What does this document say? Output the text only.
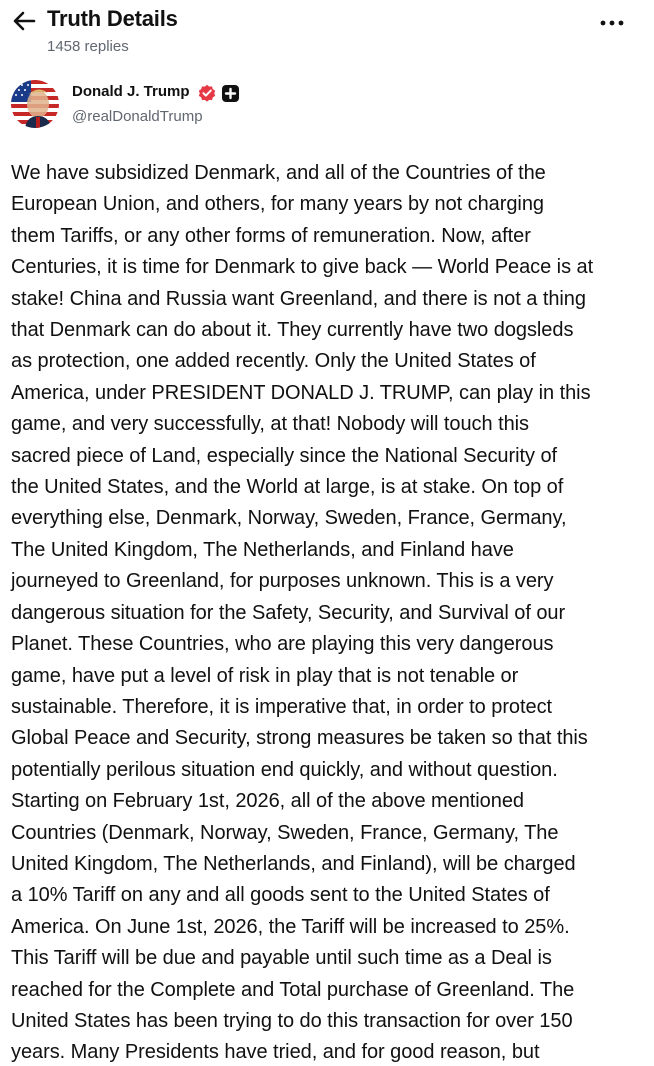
Truth Details
1458 replies
Donald J. Trump
@realDonaldTrump
We have subsidized Denmark, and all of the Countries of the
European Union, and others, for many years by not charging
them Tariffs, or any other forms of remuneration. Now, after
Centuries, it is time for Denmark to give back — World Peace is at
stake! China and Russia want Greenland, and there is not a thing
that Denmark can do about it. They currently have two dogsleds
as protection, one added recently. Only the United States of
America, under PRESIDENT DONALD J. TRUMP, can play in this
game, and very successfully, at that! Nobody will touch this
sacred piece of Land, especially since the National Security of
the United States, and the World at large, is at stake. On top of
everything else, Denmark, Norway, Sweden, France, Germany,
The United Kingdom, The Netherlands, and Finland have
journeyed to Greenland, for purposes unknown. This is a very
dangerous situation for the Safety, Security, and Survival of our
Planet. These Countries, who are playing this very dangerous
game, have put a level of risk in play that is not tenable or
sustainable. Therefore, it is imperative that, in order to protect
Global Peace and Security, strong measures be taken so that this
potentially perilous situation end quickly, and without question.
Starting on February 1st, 2026, all of the above mentioned
Countries (Denmark, Norway, Sweden, France, Germany, The
United Kingdom, The Netherlands, and Finland), will be charged
a 10% Tariff on any and all goods sent to the United States of
America. On June 1st, 2026, the Tariff will be increased to 25%.
This Tariff will be due and payable until such time as a Deal is
reached for the Complete and Total purchase of Greenland. The
United States has been trying to do this transaction for over 150
years. Many Presidents have tried, and for good reason, but
